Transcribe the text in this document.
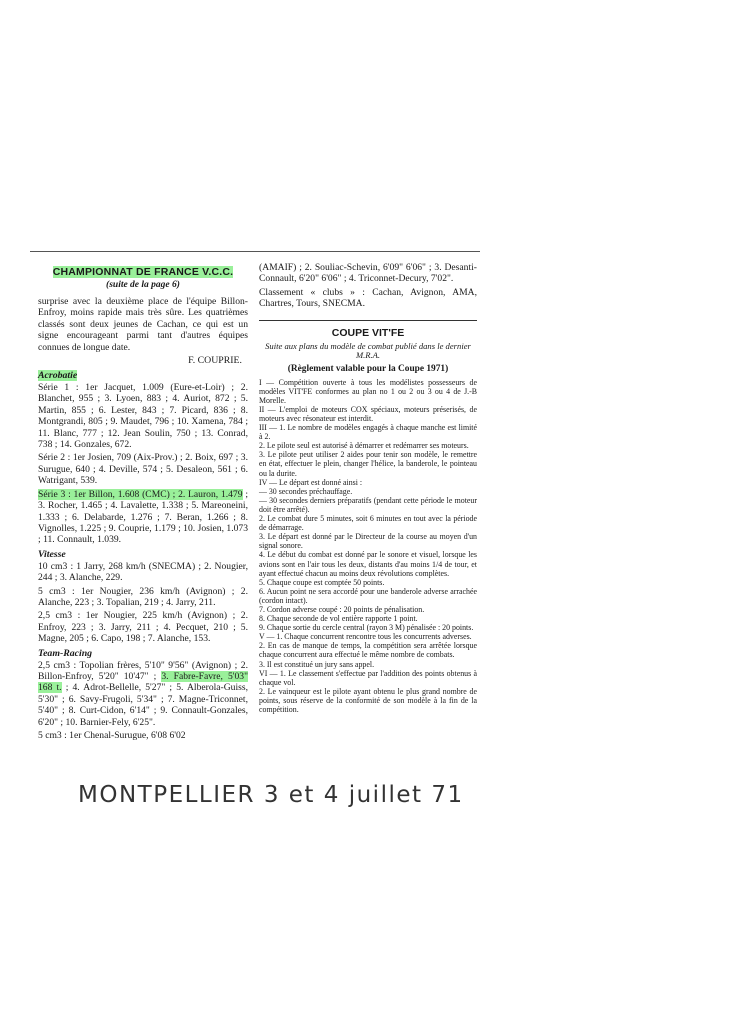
CHAMPIONNAT DE FRANCE V.C.C.

(suite de la page 6)

surprise avec la deuxième place de l'équipe Billon-Enfroy, moins rapide mais très sûre. Les quatrièmes classés sont deux jeunes de Cachan, ce qui est un signe encourageant parmi tant d'autres équipes connues de longue date.

F. COUPRIE.

Acrobatie

Série 1 : 1er Jacquet, 1.009 (Eure-et-Loir) ; 2. Blanchet, 955 ; 3. Lyoen, 883 ; 4. Auriot, 872 ; 5. Martin, 855 ; 6. Lester, 843 ; 7. Picard, 836 ; 8. Montgrandi, 805 ; 9. Maudet, 796 ; 10. Xamena, 784 ; 11. Blanc, 777 ; 12. Jean Soulin, 750 ; 13. Conrad, 738 ; 14. Gonzales, 672.

Série 2 : 1er Josien, 709 (Aix-Prov.) ; 2. Boix, 697 ; 3. Surugue, 640 ; 4. Deville, 574 ; 5. Desaleon, 561 ; 6. Watrigant, 539.

Série 3 : 1er Billon, 1.608 (CMC) ; 2. Lauron, 1.479 ; 3. Rocher, 1.465 ; 4. Lavalette, 1.338 ; 5. Mareoneini, 1.333 ; 6. Delabarde, 1.276 ; 7. Beran, 1.266 ; 8. Vignolles, 1.225 ; 9. Couprie, 1.179 ; 10. Josien, 1.073 ; 11. Connault, 1.039.

Vitesse

10 cm3 : 1 Jarry, 268 km/h (SNECMA) ; 2. Nougier, 244 ; 3. Alanche, 229.

5 cm3 : 1er Nougier, 236 km/h (Avignon) ; 2. Alanche, 223 ; 3. Topalian, 219 ; 4. Jarry, 211.

2,5 cm3 : 1er Nougier, 225 km/h (Avignon) ; 2. Enfroy, 223 ; 3. Jarry, 211 ; 4. Pecquet, 210 ; 5. Magne, 205 ; 6. Capo, 198 ; 7. Alanche, 153.

Team-Racing

2,5 cm3 : Topolian frères, 5'10" 9'56" (Avignon) ; 2. Billon-Enfroy, 5'20" 10'47" ; 3. Fabre-Favre, 5'03" 168 t. ; 4. Adrot-Bellelle, 5'27" ; 5. Alberola-Guiss, 5'30" ; 6. Savy-Frugoli, 5'34" ; 7. Magne-Triconnet, 5'40" ; 8. Curt-Cidon, 6'14" ; 9. Connault-Gonzales, 6'20" ; 10. Barnier-Fely, 6'25".

5 cm3 : 1er Chenal-Surugue, 6'08 6'02

(AMAIF) ; 2. Souliac-Schevin, 6'09" 6'06" ; 3. Desanti-Connault, 6'20" 6'06" ; 4. Triconnet-Decury, 7'02".

Classement « clubs » : Cachan, Avignon, AMA, Chartres, Tours, SNECMA.

COUPE VIT'FE

Suite aux plans du modèle de combat publié dans le dernier M.R.A.

(Règlement valable pour la Coupe 1971)

I — Compétition ouverte à tous les modélistes possesseurs de modèles VIT'FE conformes au plan no 1 ou 2 ou 3 ou 4 de J.-B Morelle.

II — L'emploi de moteurs COX spéciaux, moteurs préserisés, de moteurs avec résonateur est interdit.

III — 1. Le nombre de modèles engagés à chaque manche est limité à 2.

2. Le pilote seul est autorisé à démarrer et redémarrer ses moteurs.

3. Le pilote peut utiliser 2 aides pour tenir son modèle, le remettre en état, effectuer le plein, changer l'hélice, la banderole, le pointeau ou la durite.

IV — Le départ est donné ainsi :

— 30 secondes préchauffage.

— 30 secondes derniers préparatifs (pendant cette période le moteur doit être arrêté).

2. Le combat dure 5 minutes, soit 6 minutes en tout avec la période de démarrage.

3. Le départ est donné par le Directeur de la course au moyen d'un signal sonore.

4. Le début du combat est donné par le sonore et visuel, lorsque les avions sont en l'air tous les deux, distants d'au moins 1/4 de tour, et ayant effectué chacun au moins deux révolutions complètes.

5. Chaque coupe est comptée 50 points.

6. Aucun point ne sera accordé pour une banderole adverse arrachée (cordon intact).

7. Cordon adverse coupé : 20 points de pénalisation.

8. Chaque seconde de vol entière rapporte 1 point.

9. Chaque sortie du cercle central (rayon 3 M) pénalisée : 20 points.

V — 1. Chaque concurrent rencontre tous les concurrents adverses.

2. En cas de manque de temps, la compétition sera arrêtée lorsque chaque concurrent aura effectué le même nombre de combats.

3. Il est constitué un jury sans appel.

VI — 1. Le classement s'effectue par l'addition des points obtenus à chaque vol.

2. Le vainqueur est le pilote ayant obtenu le plus grand nombre de points, sous réserve de la conformité de son modèle à la fin de la compétition.

MONTPELLIER 3 et 4 juillet 71
